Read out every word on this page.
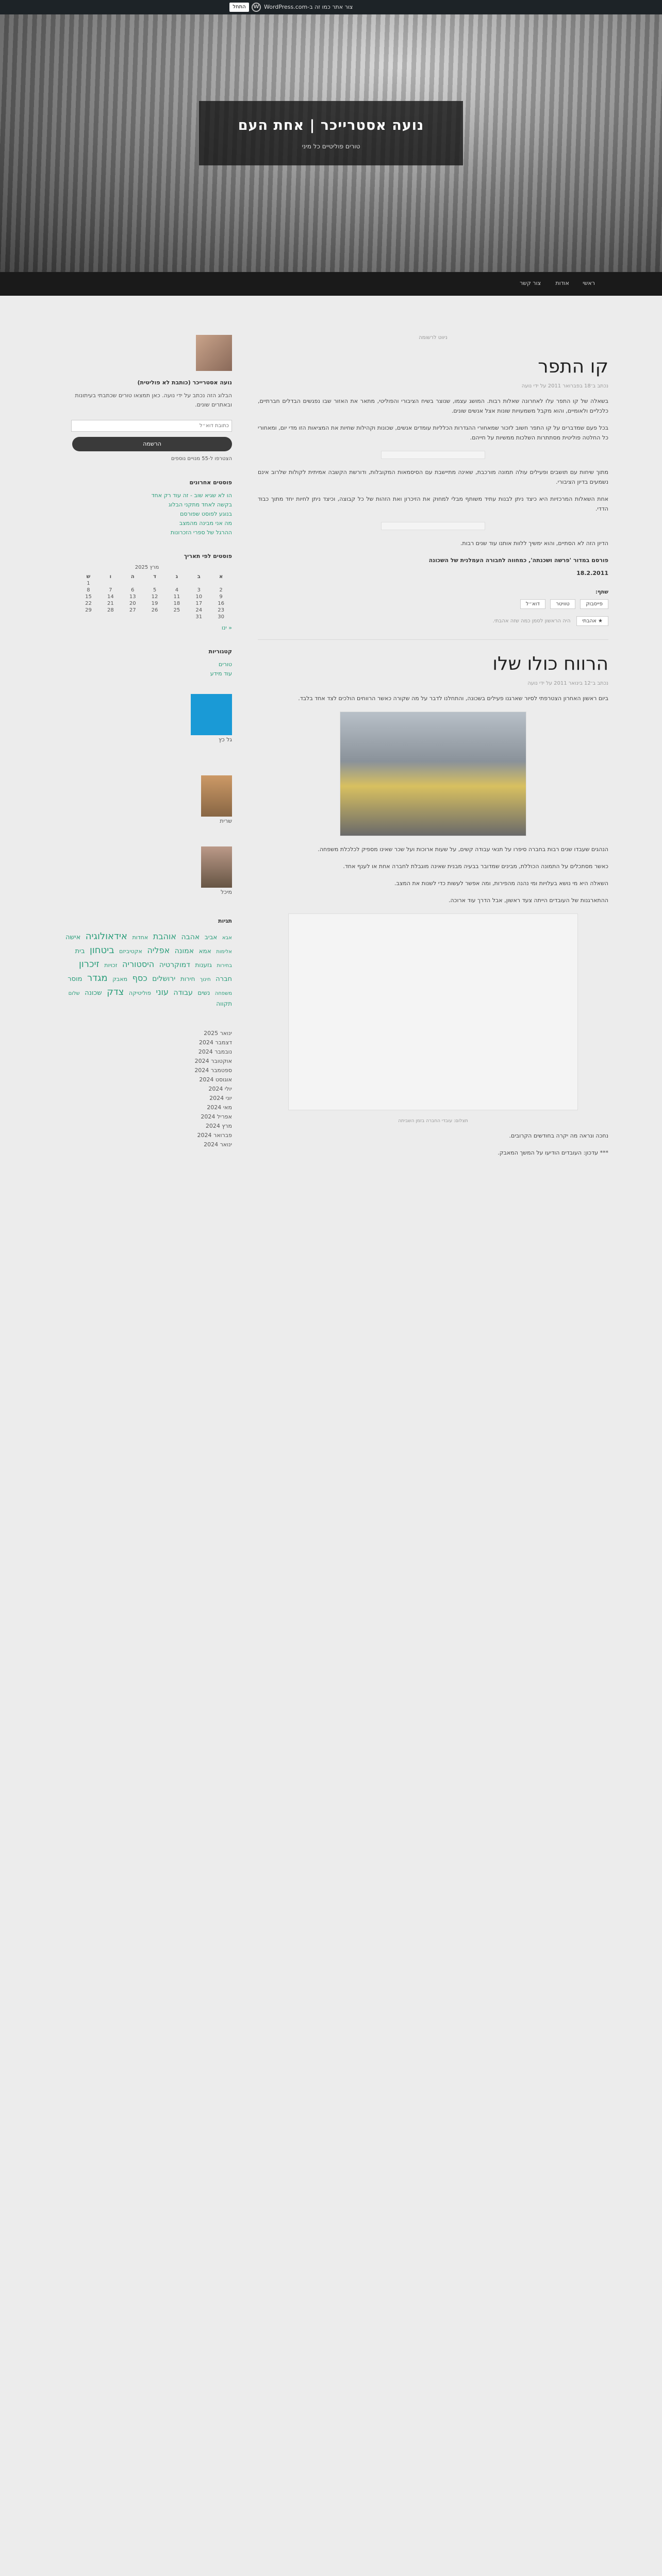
W צור אתר כמו זה ב-WordPress.com
התחל
נועה אסטרייכר | אחת העם
טורים פוליטיים כל מיני
ראשי
אודות
צור קשר
ניווט לרשומה
קו התפר
נכתב ב־18 בפברואר 2011 על ידי נועה

בשאלה של קו התפר עלו לאחרונה שאלות רבות. המושג עצמו, שנוצר בשיח הציבורי והפוליטי, מתאר את האזור שבו נפגשים הבדלים חברתיים, כלכליים ולאומיים, והוא מקבל משמעויות שונות אצל אנשים שונים.

בכל פעם שמדברים על קו התפר חשוב לזכור שמאחורי ההגדרות הכלליות עומדים אנשים, שכונות וקהילות שחיות את המציאות הזו מדי יום, ומאחורי כל החלטה פוליטית מסתתרות השלכות ממשיות על חייהם.

מתוך שיחות עם תושבים ופעילים עולה תמונה מורכבת, שאינה מתיישבת עם הסיסמאות המקובלות, ודורשת הקשבה אמיתית לקולות שלרוב אינם נשמעים בדיון הציבורי.

אחת השאלות המרכזיות היא כיצד ניתן לבנות עתיד משותף מבלי למחוק את הזיכרון ואת הזהות של כל קבוצה, וכיצד ניתן לחיות יחד מתוך כבוד הדדי.

הדיון הזה לא הסתיים, והוא ימשיך ללוות אותנו עוד שנים רבות.

פורסם במדור 'פרשה ושכנתה', כמחווה לחבורה העמלנית של השכונה

18.2.2011

שתף:
פייסבוק טוויטר דוא״ל
★ אהבתי היה הראשון לסמן כמה שזה אהבתי.
הרווח כולו שלו
נכתב ב־12 בינואר 2011 על ידי נועה

ביום ראשון האחרון הצטרפתי לסיור שארגנו פעילים בשכונה, והתחלנו לדבר על מה שקורה כאשר הרווחים הולכים לצד אחד בלבד.

הנהגים שעבדו שנים רבות בחברה סיפרו על תנאי עבודה קשים, על שעות ארוכות ועל שכר שאינו מספיק לכלכלת משפחה.

כאשר מסתכלים על התמונה הכוללת, מבינים שמדובר בבעיה מבנית שאינה מוגבלת לחברה אחת או לענף אחד.

השאלה היא מי נושא בעלויות ומי נהנה מהפירות, ומה אפשר לעשות כדי לשנות את המצב.

ההתארגנות של העובדים הייתה צעד ראשון, אבל הדרך עוד ארוכה.

תצלום: עובדי החברה בזמן השביתה

נחכה ונראה מה יקרה בחודשים הקרובים.

*** עדכון: העובדים הודיעו על המשך המאבק.

נועה אסטרייכר (כותבת לא פוליטית)
הבלוג הזה נכתב על ידי נועה. כאן תמצאו טורים שכתבתי בעיתונות ובאתרים שונים.
כתובת דוא״ל
הרשמה
הצטרפו ל-55 מנויים נוספים
פוסטים אחרונים
הו לא שגיא שוב - זה עוד רק אחד
בקשה לאחד מתקני הבלוג
בנוגע לפוסט שפורסם
מה אני מבינה מהמצב
ההרגל של ספרי הזכרונות
פוסטים לפי תאריך
מרץ 2025
א	ב	ג	ד	ה	ו	ש
						1
2	3	4	5	6	7	8
9	10	11	12	13	14	15
16	17	18	19	20	21	22
23	24	25	26	27	28	29
30	31					
« ינו
קטגוריות
טורים
עוד מידע
גל כץ
שרית
מיכל
תגיות
אבא אביב אהבה אוהבת אחדות אידאולוגיה אישה אלימות אמא אמונה אפליה אקטיביזם ביטחון בית בחירות גזענות דמוקרטיה היסטוריה זכויות זיכרון חברה חינוך חירות ירושלים כסף מאבק מגדר מוסר משפחה נשים עבודה עוני פוליטיקה צדק שכונה שלום תקווה
ינואר 2025
דצמבר 2024
נובמבר 2024
אוקטובר 2024
ספטמבר 2024
אוגוסט 2024
יולי 2024
יוני 2024
מאי 2024
אפריל 2024
מרץ 2024
פברואר 2024
ינואר 2024
